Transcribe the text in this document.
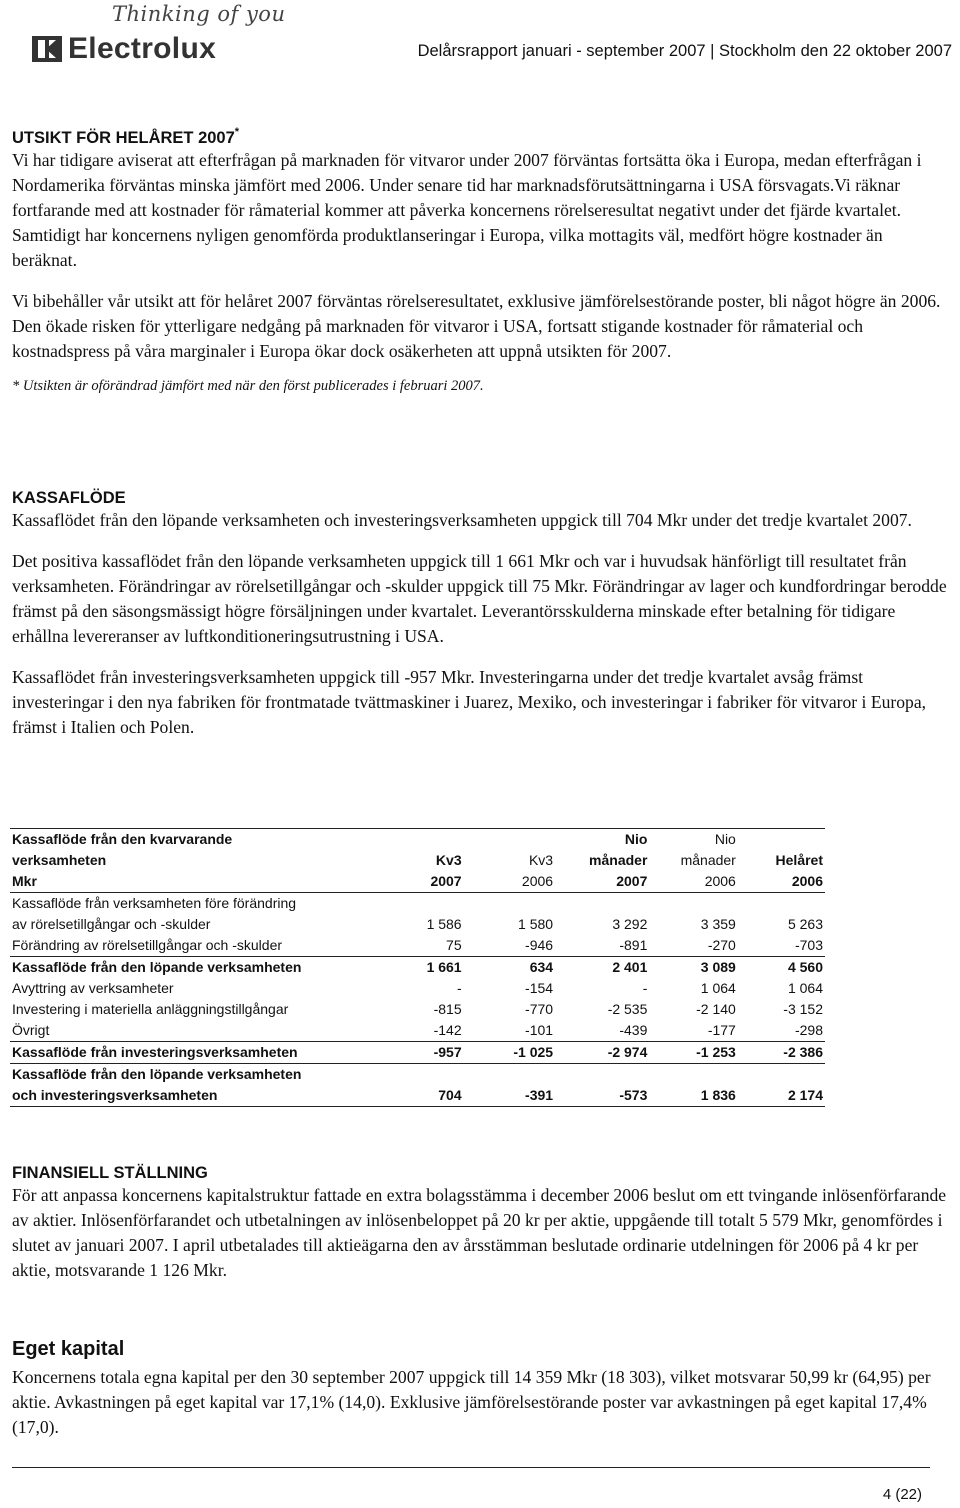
Thinking of you
Electrolux	Delårsrapport januari - september 2007 | Stockholm den 22 oktober 2007

UTSIKT FÖR HELÅRET 2007*

Vi har tidigare aviserat att efterfrågan på marknaden för vitvaror under 2007 förväntas fortsätta öka i Europa, medan efterfrågan i Nordamerika förväntas minska jämfört med 2006. Under senare tid har marknadsförutsättningarna i USA försvagats.Vi räknar fortfarande med att kostnader för råmaterial kommer att påverka koncernens rörelseresultat negativt under det fjärde kvartalet. Samtidigt har koncernens nyligen genomförda produktlanseringar i Europa, vilka mottagits väl, medfört högre kostnader än beräknat.

Vi bibehåller vår utsikt att för helåret 2007 förväntas rörelseresultatet, exklusive jämförelsestörande poster, bli något högre än 2006. Den ökade risken för ytterligare nedgång på marknaden för vitvaror i USA, fortsatt stigande kostnader för råmaterial och kostnadspress på våra marginaler i Europa ökar dock osäkerheten att uppnå utsikten för 2007.

* Utsikten är oförändrad jämfört med när den först publicerades i februari 2007.

KASSAFLÖDE

Kassaflödet från den löpande verksamheten och investeringsverksamheten uppgick till 704 Mkr under det tredje kvartalet 2007.

Det positiva kassaflödet från den löpande verksamheten uppgick till 1 661 Mkr och var i huvudsak hänförligt till resultatet från verksamheten. Förändringar av rörelsetillgångar och -skulder uppgick till 75 Mkr. Förändringar av lager och kundfordringar berodde främst på den säsongsmässigt högre försäljningen under kvartalet. Leverantörsskulderna minskade efter betalning för tidigare erhållna levereranser av luftkonditioneringsutrustning i USA.

Kassaflödet från investeringsverksamheten uppgick till -957 Mkr. Investeringarna under det tredje kvartalet avsåg främst investeringar i den nya fabriken för frontmatade tvättmaskiner i Juarez, Mexiko, och investeringar i fabriker för vitvaror i Europa, främst i Italien och Polen.

Kassaflöde från den kvarvarande			Nio	Nio	
verksamheten	Kv3	Kv3	månader	månader	Helåret
Mkr	2007	2006	2007	2006	2006
Kassaflöde från verksamheten före förändring					
av rörelsetillgångar och -skulder	1 586	1 580	3 292	3 359	5 263
Förändring av rörelsetillgångar och -skulder	75	-946	-891	-270	-703
Kassaflöde från den löpande verksamheten	1 661	634	2 401	3 089	4 560
Avyttring av verksamheter	-	-154	-	1 064	1 064
Investering i materiella anläggningstillgångar	-815	-770	-2 535	-2 140	-3 152
Övrigt	-142	-101	-439	-177	-298
Kassaflöde från investeringsverksamheten	-957	-1 025	-2 974	-1 253	-2 386
Kassaflöde från den löpande verksamheten					
och investeringsverksamheten	704	-391	-573	1 836	2 174

FINANSIELL STÄLLNING

För att anpassa koncernens kapitalstruktur fattade en extra bolagsstämma i december 2006 beslut om ett tvingande inlösenförfarande av aktier. Inlösenförfarandet och utbetalningen av inlösenbeloppet på 20 kr per aktie, uppgående till totalt 5 579 Mkr, genomfördes i slutet av januari 2007. I april utbetalades till aktieägarna den av årsstämman beslutade ordinarie utdelningen för 2006 på 4 kr per aktie, motsvarande 1 126 Mkr.

Eget kapital

Koncernens totala egna kapital per den 30 september 2007 uppgick till 14 359 Mkr (18 303), vilket motsvarar 50,99 kr (64,95) per aktie. Avkastningen på eget kapital var 17,1% (14,0). Exklusive jämförelsestörande poster var avkastningen på eget kapital 17,4% (17,0).

4 (22)
